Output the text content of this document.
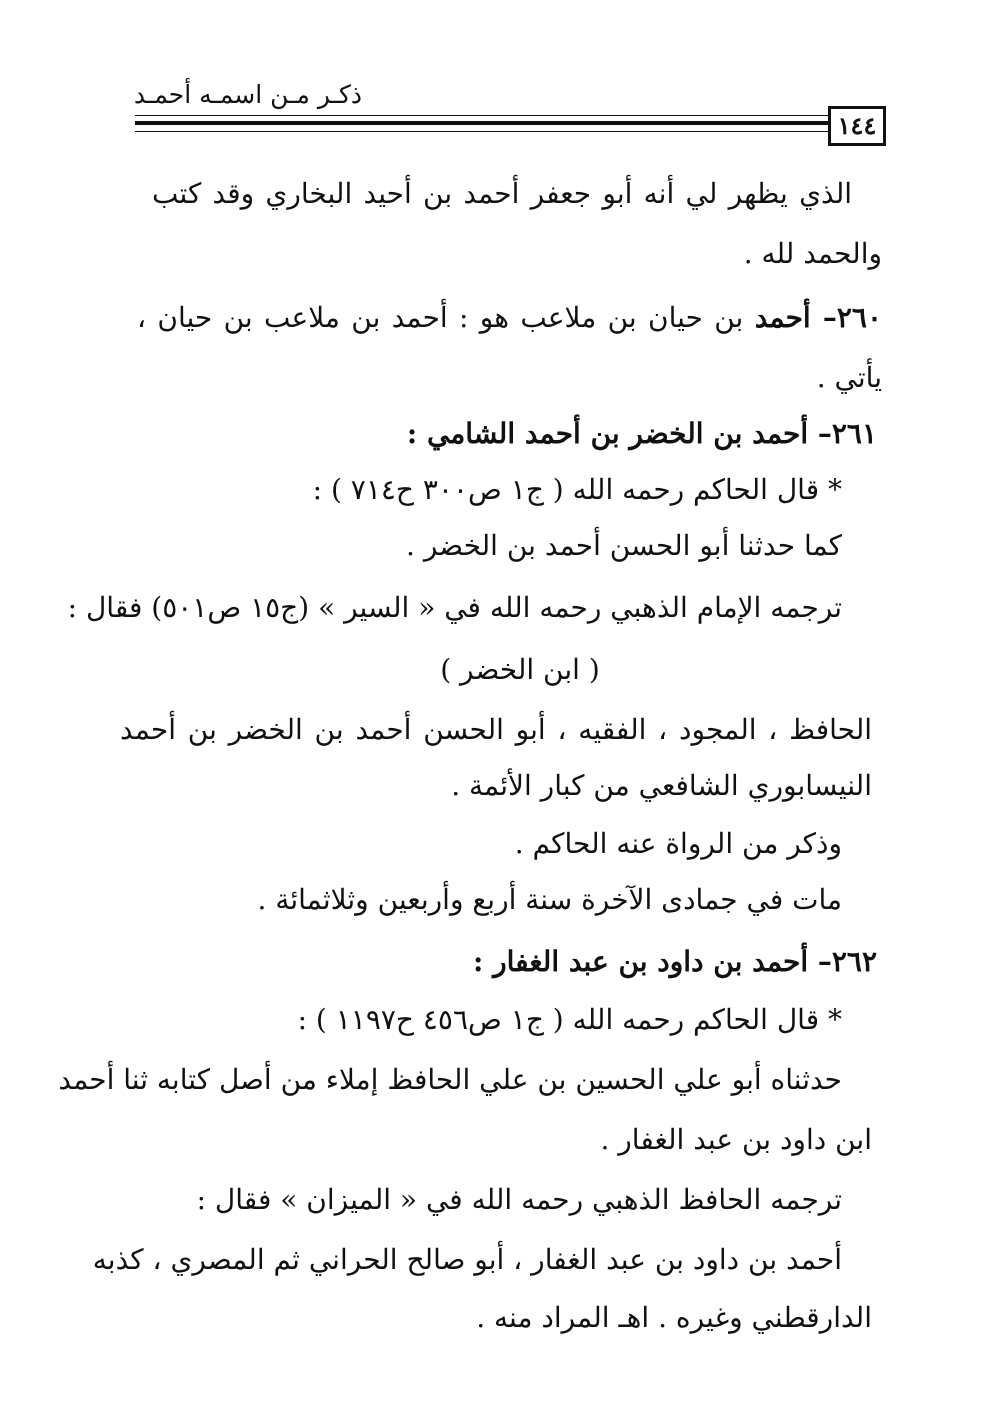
ذكـر مـن اسمـه أحمـد
١٤٤
الذي يظهر لي أنه أبو جعفر أحمد بن أحيد البخاري وقد كتب
والحمد لله .
٢٦٠– أحمد بن حيان بن ملاعب هو : أحمد بن ملاعب بن حيان ،
يأتي .
٢٦١– أحمد بن الخضر بن أحمد الشامي :
* قال الحاكم رحمه الله ( ج١ ص٣٠٠ ح٧١٤ ) :
كما حدثنا أبو الحسن أحمد بن الخضر .
ترجمه الإمام الذهبي رحمه الله في « السير » (ج١٥ ص٥٠١) فقال :
( ابن الخضر )
الحافظ ، المجود ، الفقيه ، أبو الحسن أحمد بن الخضر بن أحمد
النيسابوري الشافعي من كبار الأئمة .
وذكر من الرواة عنه الحاكم .
مات في جمادى الآخرة سنة أربع وأربعين وثلاثمائة .
٢٦٢– أحمد بن داود بن عبد الغفار :
* قال الحاكم رحمه الله ( ج١ ص٤٥٦ ح١١٩٧ ) :
حدثناه أبو علي الحسين بن علي الحافظ إملاء من أصل كتابه ثنا أحمد
ابن داود بن عبد الغفار .
ترجمه الحافظ الذهبي رحمه الله في « الميزان » فقال :
أحمد بن داود بن عبد الغفار ، أبو صالح الحراني ثم المصري ، كذبه
الدارقطني وغيره . اهـ المراد منه .
